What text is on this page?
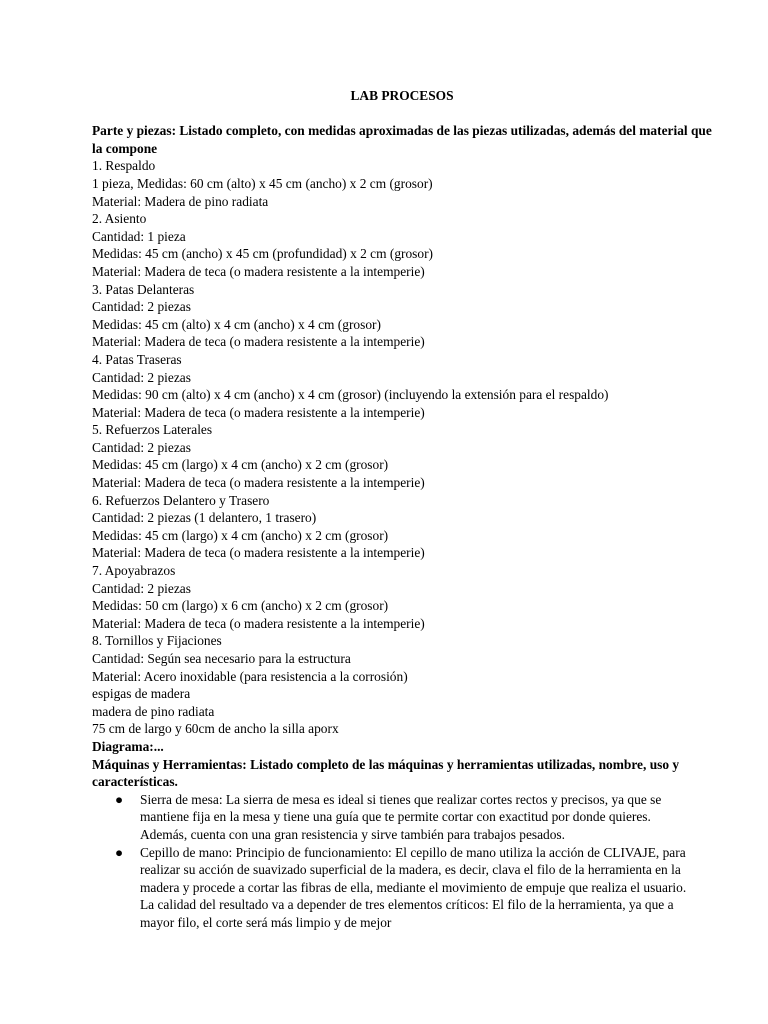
LAB PROCESOS

Parte y piezas: Listado completo, con medidas aproximadas de las piezas utilizadas, además del material que la compone

1. Respaldo

1 pieza, Medidas: 60 cm (alto) x 45 cm (ancho) x 2 cm (grosor)

Material: Madera de pino radiata

2. Asiento

Cantidad: 1 pieza

Medidas: 45 cm (ancho) x 45 cm (profundidad) x 2 cm (grosor)

Material: Madera de teca (o madera resistente a la intemperie)

3. Patas Delanteras

Cantidad: 2 piezas

Medidas: 45 cm (alto) x 4 cm (ancho) x 4 cm (grosor)

Material: Madera de teca (o madera resistente a la intemperie)

4. Patas Traseras

Cantidad: 2 piezas

Medidas: 90 cm (alto) x 4 cm (ancho) x 4 cm (grosor) (incluyendo la extensión para el respaldo)

Material: Madera de teca (o madera resistente a la intemperie)

5. Refuerzos Laterales

Cantidad: 2 piezas

Medidas: 45 cm (largo) x 4 cm (ancho) x 2 cm (grosor)

Material: Madera de teca (o madera resistente a la intemperie)

6. Refuerzos Delantero y Trasero

Cantidad: 2 piezas (1 delantero, 1 trasero)

Medidas: 45 cm (largo) x 4 cm (ancho) x 2 cm (grosor)

Material: Madera de teca (o madera resistente a la intemperie)

7. Apoyabrazos

Cantidad: 2 piezas

Medidas: 50 cm (largo) x 6 cm (ancho) x 2 cm (grosor)

Material: Madera de teca (o madera resistente a la intemperie)

8. Tornillos y Fijaciones

Cantidad: Según sea necesario para la estructura

Material: Acero inoxidable (para resistencia a la corrosión)

espigas de madera

madera de pino radiata

75 cm de largo y 60cm de ancho la silla aporx

Diagrama:...

Máquinas y Herramientas: Listado completo de las máquinas y herramientas utilizadas, nombre, uso y características.

● Sierra de mesa: La sierra de mesa es ideal si tienes que realizar cortes rectos y precisos, ya que se mantiene fija en la mesa y tiene una guía que te permite cortar con exactitud por donde quieres. Además, cuenta con una gran resistencia y sirve también para trabajos pesados.
● Cepillo de mano: Principio de funcionamiento: El cepillo de mano utiliza la acción de CLIVAJE, para realizar su acción de suavizado superficial de la madera, es decir, clava el filo de la herramienta en la madera y procede a cortar las fibras de ella, mediante el movimiento de empuje que realiza el usuario. La calidad del resultado va a depender de tres elementos críticos: El filo de la herramienta, ya que a mayor filo, el corte será más limpio y de mejor
